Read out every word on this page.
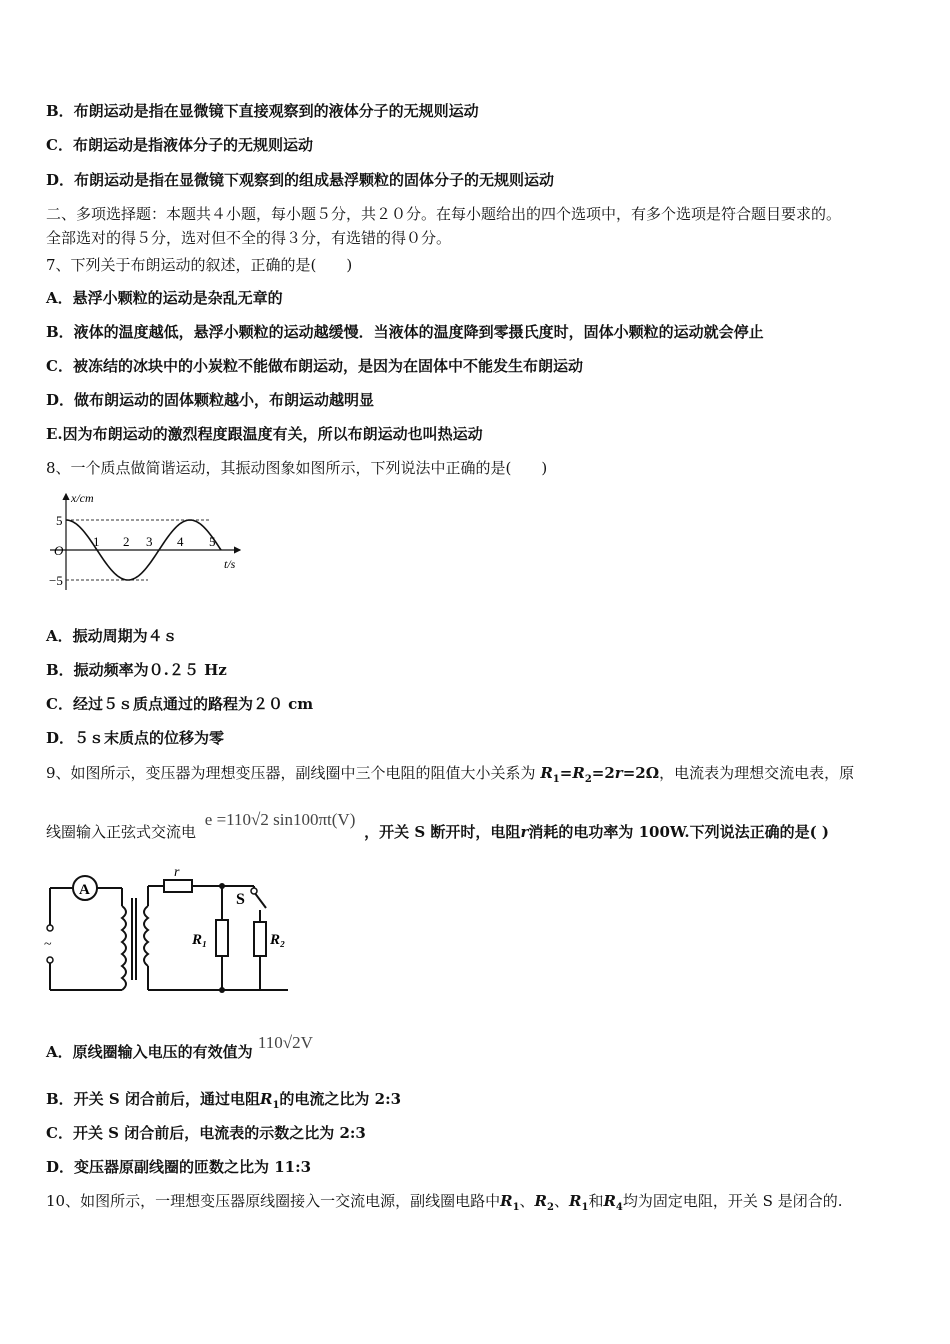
B．布朗运动是指在显微镜下直接观察到的液体分子的无规则运动
C．布朗运动是指液体分子的无规则运动
D．布朗运动是指在显微镜下观察到的组成悬浮颗粒的固体分子的无规则运动
二、多项选择题：本题共４小题，每小题５分，共２０分。在每小题给出的四个选项中，有多个选项是符合题目要求的。
全部选对的得５分，选对但不全的得３分，有选错的得０分。
7、下列关于布朗运动的叙述，正确的是(　　)
A．悬浮小颗粒的运动是杂乱无章的
B．液体的温度越低，悬浮小颗粒的运动越缓慢．当液体的温度降到零摄氏度时，固体小颗粒的运动就会停止
C．被冻结的冰块中的小炭粒不能做布朗运动，是因为在固体中不能发生布朗运动
D．做布朗运动的固体颗粒越小，布朗运动越明显
E.因为布朗运动的激烈程度跟温度有关，所以布朗运动也叫热运动
8、一个质点做简谐运动，其振动图象如图所示，下列说法中正确的是(　　)
x/cm
t/s
O
5
−5
1 2 3 4 5
A．振动周期为４ｓ
B．振动频率为０.２５ Hz
C．经过５ｓ质点通过的路程为２０ cm
D．５ｓ末质点的位移为零
9、如图所示，变压器为理想变压器，副线圈中三个电阻的阻值大小关系为 $R_1=R_2=2r=2\Omega$，电流表为理想交流电表，原
线圈输入正弦式交流电 e =110√2 sin100πt(V) ，开关 S 断开时，电阻r消耗的电功率为 100W.下列说法正确的是( )
A
~
r
S
R₁	R₂
A．原线圈输入电压的有效值为 110√2V
B．开关 S 闭合前后，通过电阻$R_1$的电流之比为 2:3
C．开关 S 闭合前后，电流表的示数之比为 2:3
D．变压器原副线圈的匝数之比为 11:3
10、如图所示，一理想变压器原线圈接入一交流电源，副线圈电路中$R_1$、$R_2$、$R_1$和$R_4$均为固定电阻，开关 S 是闭合的.
